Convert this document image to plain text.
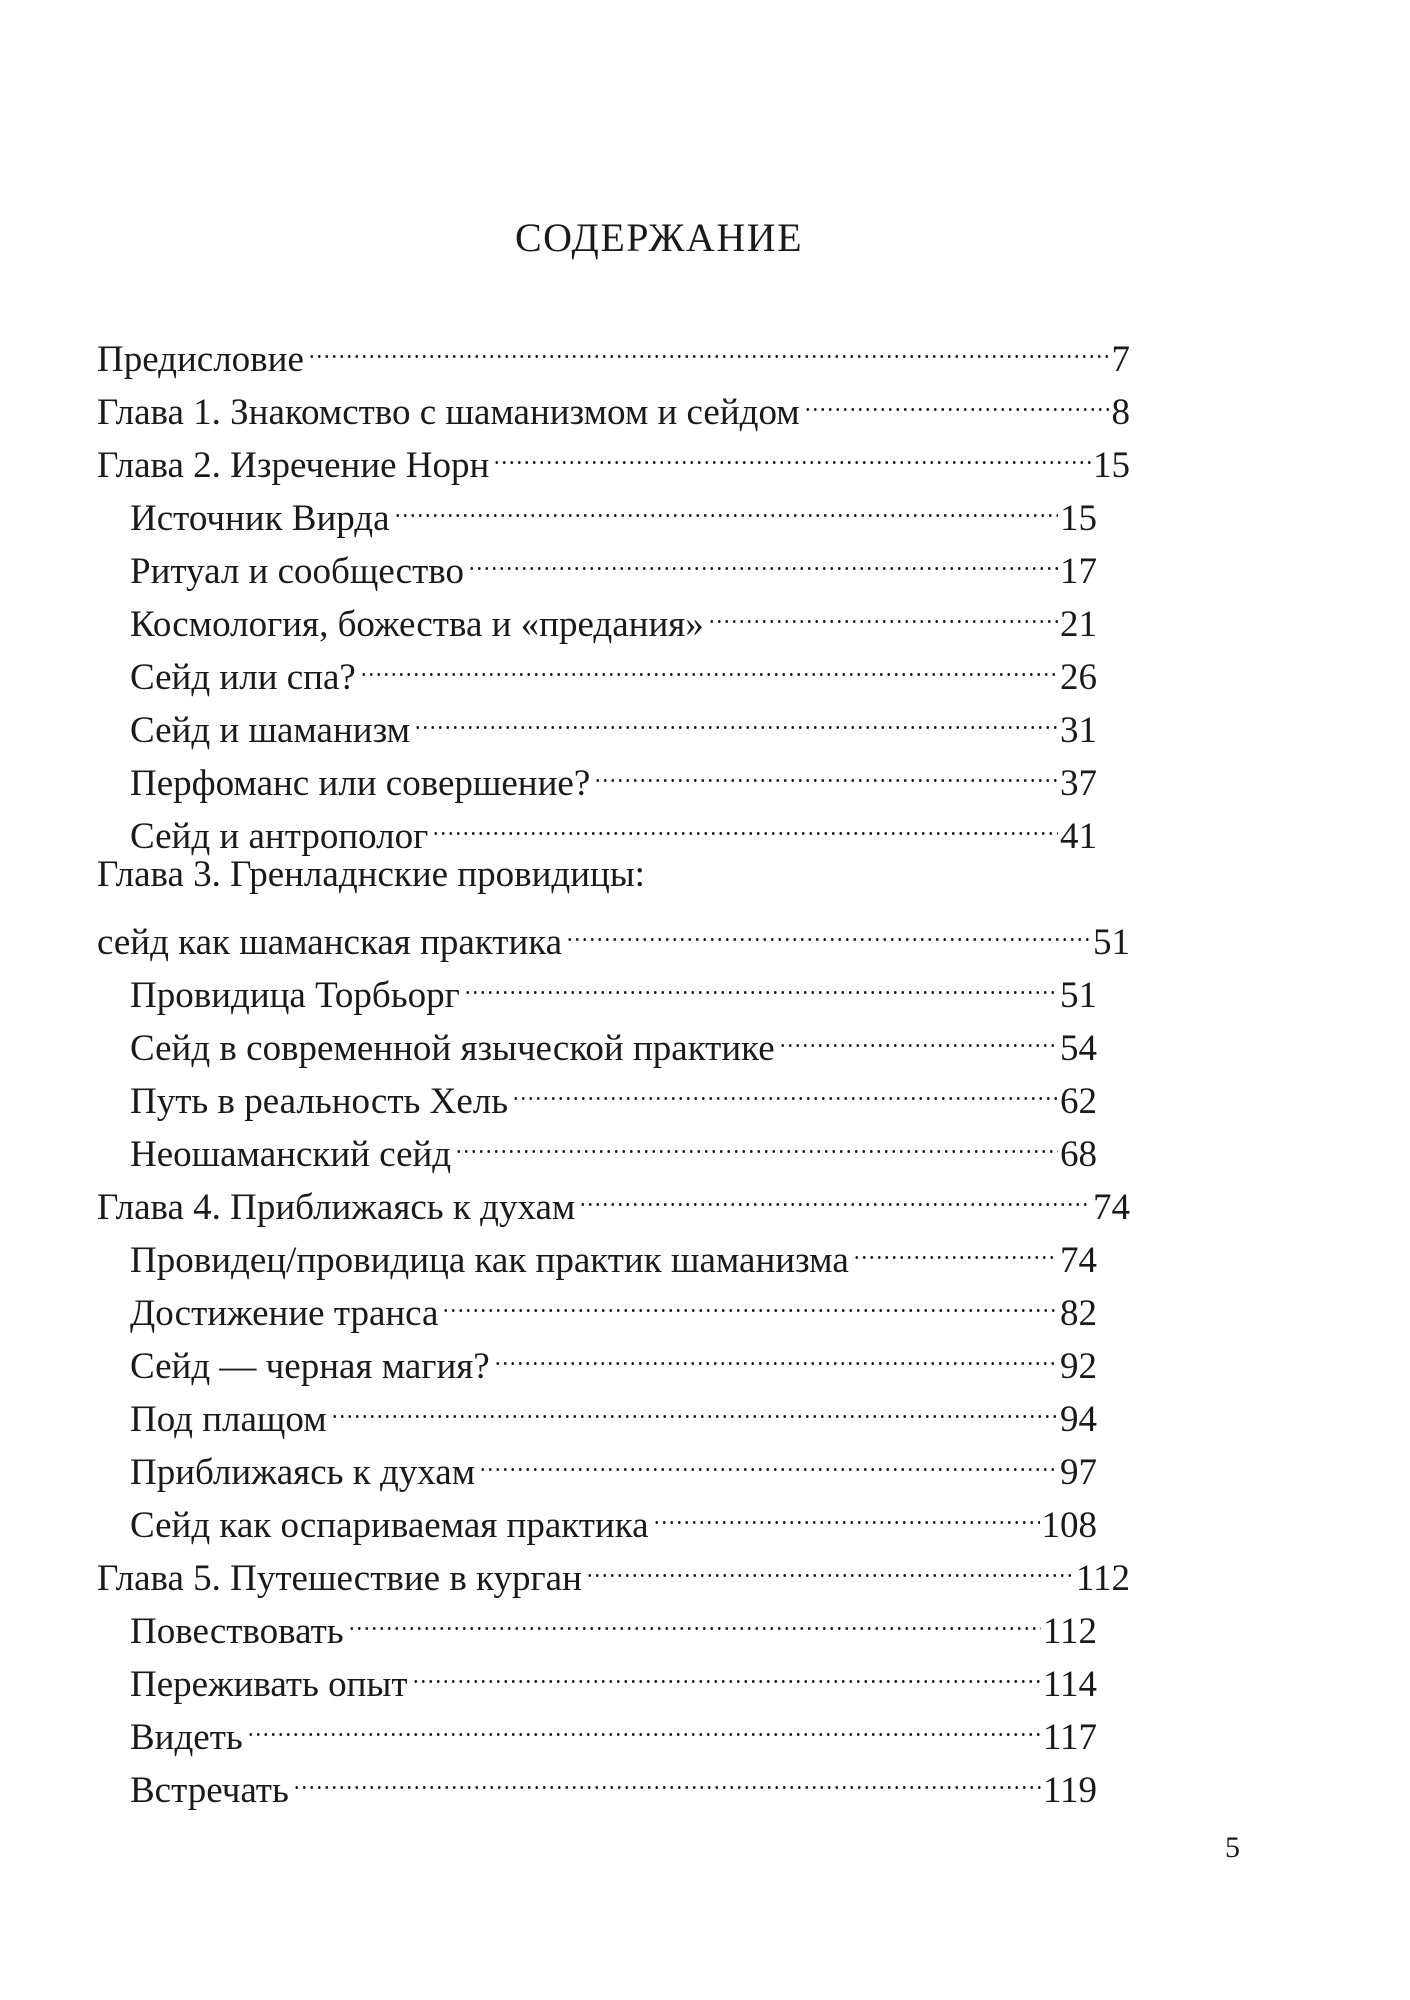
СОДЕРЖАНИЕ
Предисловие	7
Глава 1. Знакомство с шаманизмом и сейдом	8
Глава 2. Изречение Норн	15
Источник Вирда	15
Ритуал и сообщество	17
Космология, божества и «предания»	21
Сейд или спа?	26
Сейд и шаманизм	31
Перфоманс или совершение?	37
Сейд и антрополог	41
Глава 3. Гренладнские провидицы:
сейд как шаманская практика	51
Провидица Торбьорг	51
Сейд в современной языческой практике	54
Путь в реальность Хель	62
Неошаманский сейд	68
Глава 4. Приближаясь к духам	74
Провидец/провидица как практик шаманизма	74
Достижение транса	82
Сейд — черная магия?	92
Под плащом	94
Приближаясь к духам	97
Сейд как оспариваемая практика	108
Глава 5. Путешествие в курган	112
Повествовать	112
Переживать опыт	114
Видеть	117
Встречать	119
5
